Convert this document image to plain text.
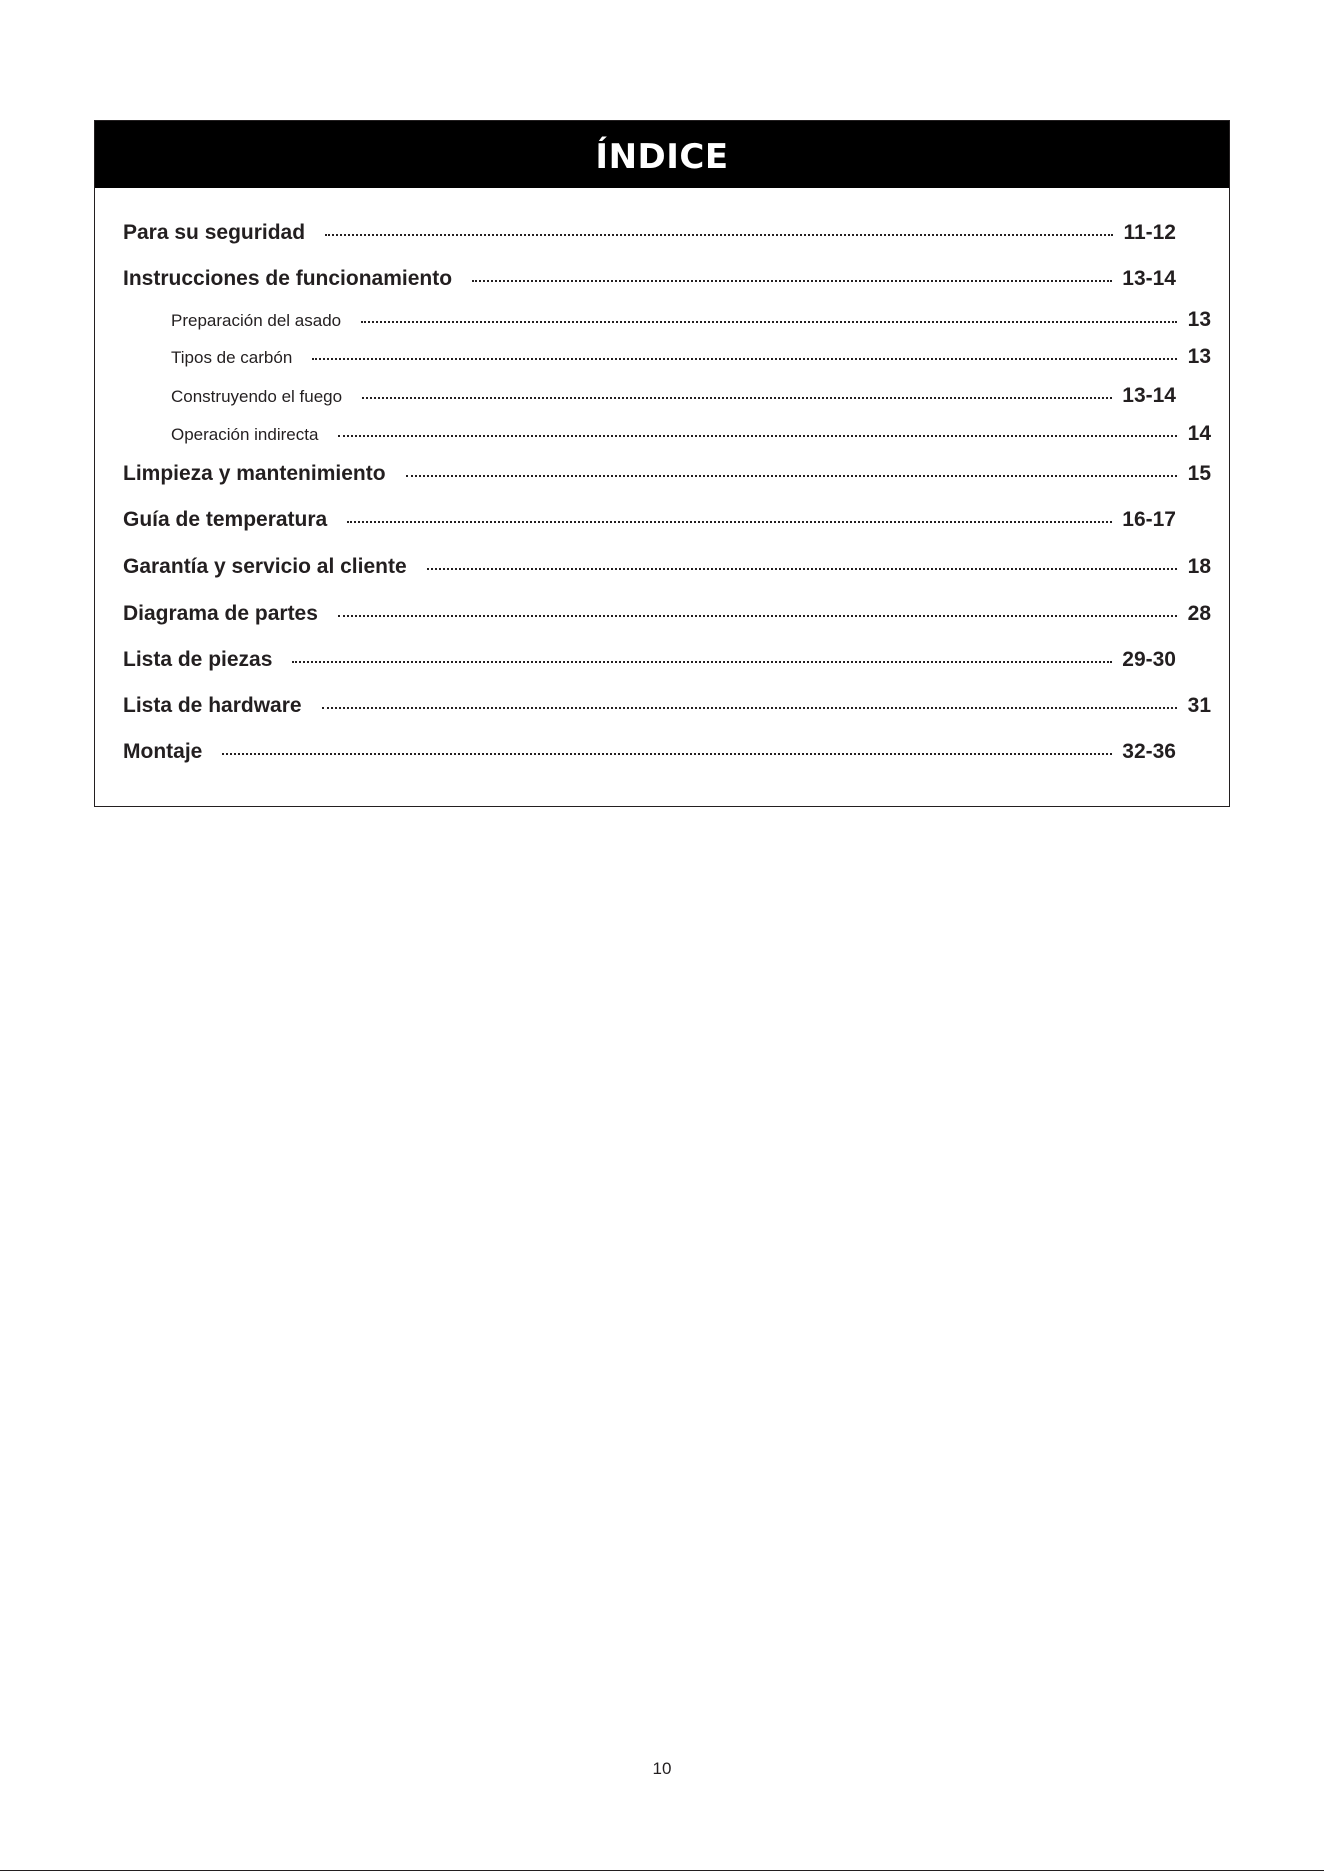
ÍNDICE
Para su seguridad	11-12
Instrucciones de funcionamiento	13-14
Preparación del asado	13
Tipos de carbón	13
Construyendo el fuego	13-14
Operación indirecta	14
Limpieza y mantenimiento	15
Guía de temperatura	16-17
Garantía y servicio al cliente	18
Diagrama de partes	28
Lista de piezas	29-30
Lista de hardware	31
Montaje	32-36
10
